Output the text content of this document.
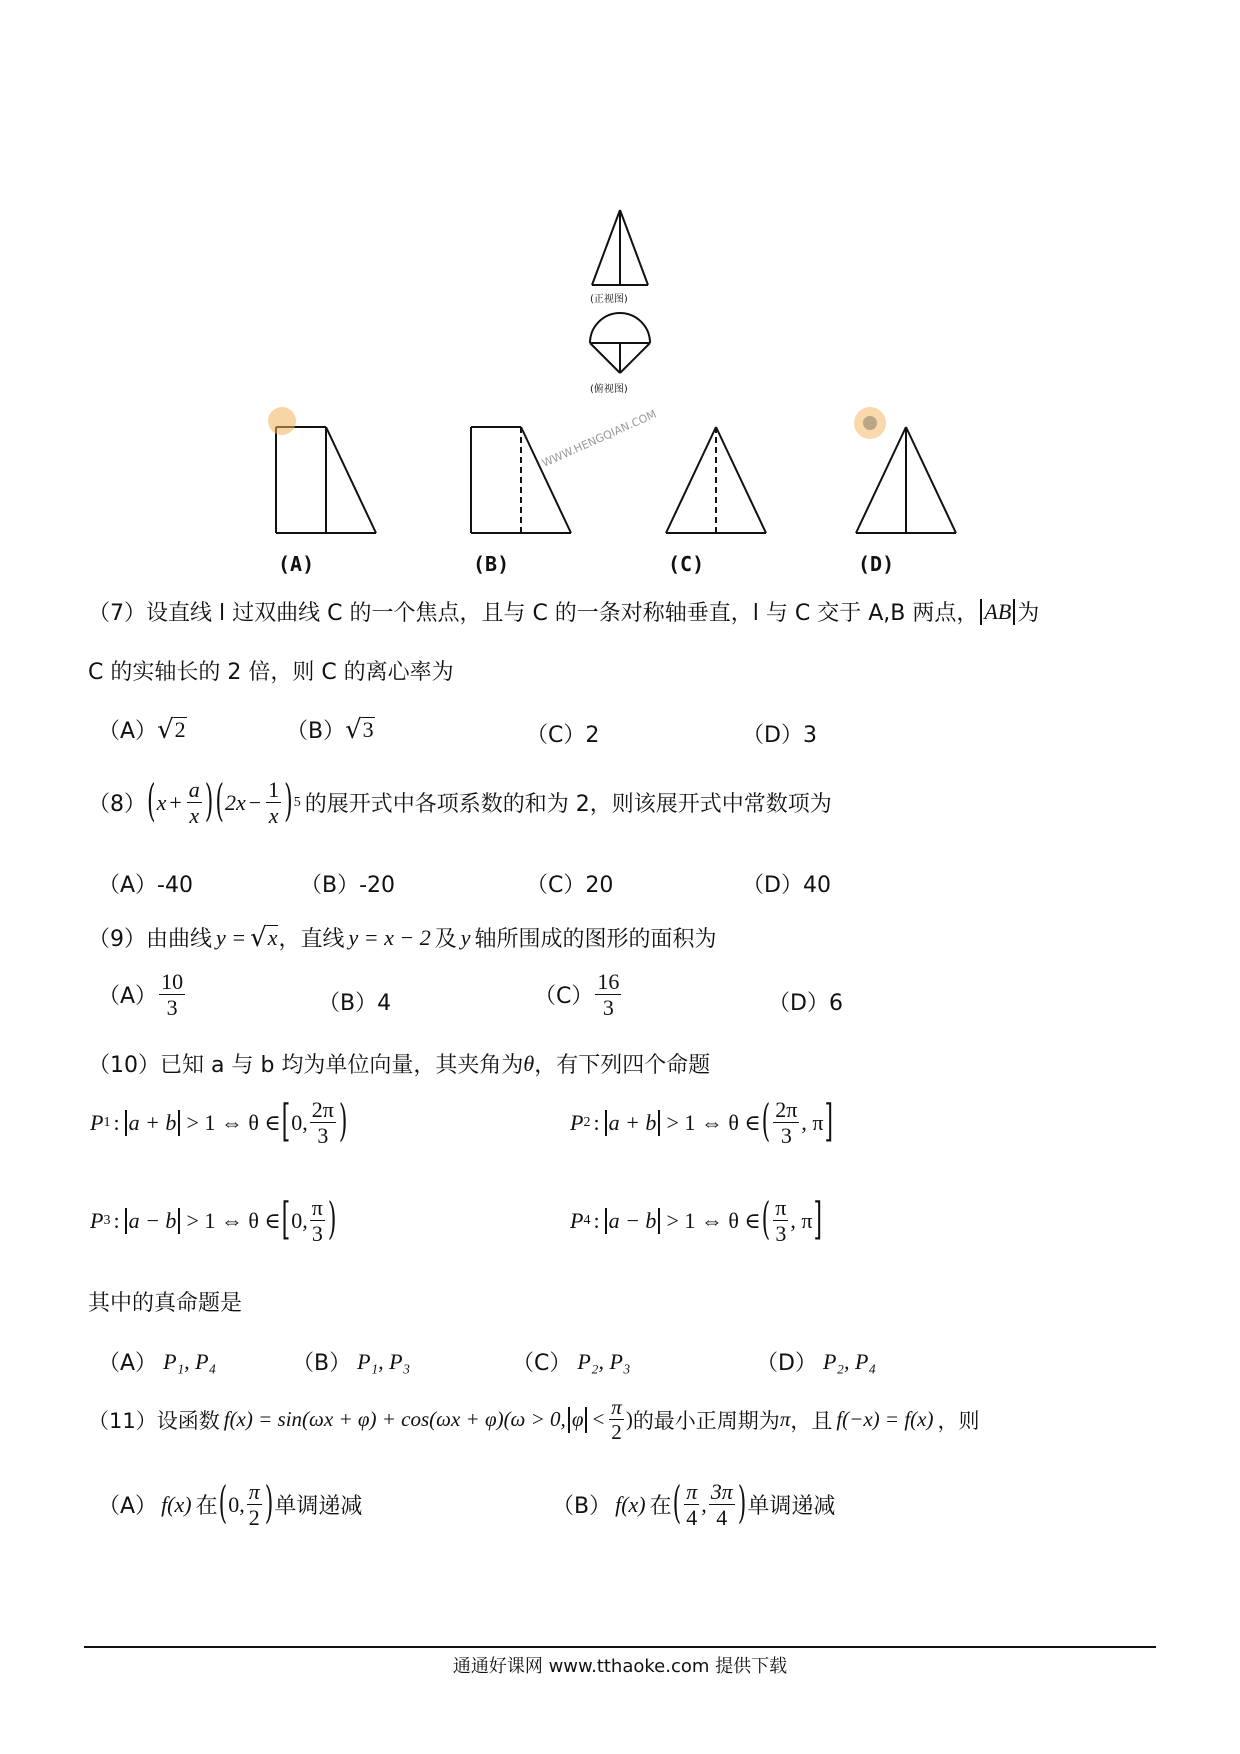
(正视图)
(俯视图)
WWW.HENGQIAN.COM
(A)	(B)	(C)	(D)
（7）设直线 l 过双曲线 C 的一个焦点，且与 C 的一条对称轴垂直，l 与 C 交于 A,B 两点， AB 为
C 的实轴长的 2 倍，则 C 的离心率为
（A） √ 2	（B） √ 3	（C）2	（D）3
（8） ( $x + \frac{a}{x}$ ) ( $2x - \frac{1}{x}$ ) 5 的展开式中各项系数的和为 2，则该展开式中常数项为
（A）-40	（B）-20	（C）20	（D）40
（9）由曲线 y = √ x ，直线 y = x − 2 及 y 轴所围成的图形的面积为
$(A) \frac{10}{3}$	（B）4	$(C) \frac{16}{3}$	（D）6
（10）已知 a 与 b 均为单位向量，其夹角为 θ ，有下列四个命题
P 1 : a + b > 1 ⇔ θ ∈ [ 0, $\frac{2\pi}{3}$ )	P 2 : a + b > 1 ⇔ θ ∈ ( $\frac{2\pi}{3}$ , π ]
P 3 : a − b > 1 ⇔ θ ∈ [ 0, $\frac{\pi}{3}$ )	P 4 : a − b > 1 ⇔ θ ∈ ( $\frac{\pi}{3}$ , π ]
其中的真命题是
（A） P₁, P₄	（B） P₁, P₃	（C） P₂, P₃	（D） P₂, P₄
（11）设函数 f(x) = sin(ωx + φ) + cos(ωx + φ)(ω > 0, $\varphi < \frac{\pi}{2}$ ) 的最小正周期为 π ，且 f(−x) = f(x) ，则
（A） f(x) 在 ( 0, $\frac{\pi}{2}$ ) 单调递减	（B） f(x) 在 ( $\frac{\pi}{4}$ , $\frac{3\pi}{4}$ ) 单调递减
通通好课网 www.tthaoke.com 提供下载
